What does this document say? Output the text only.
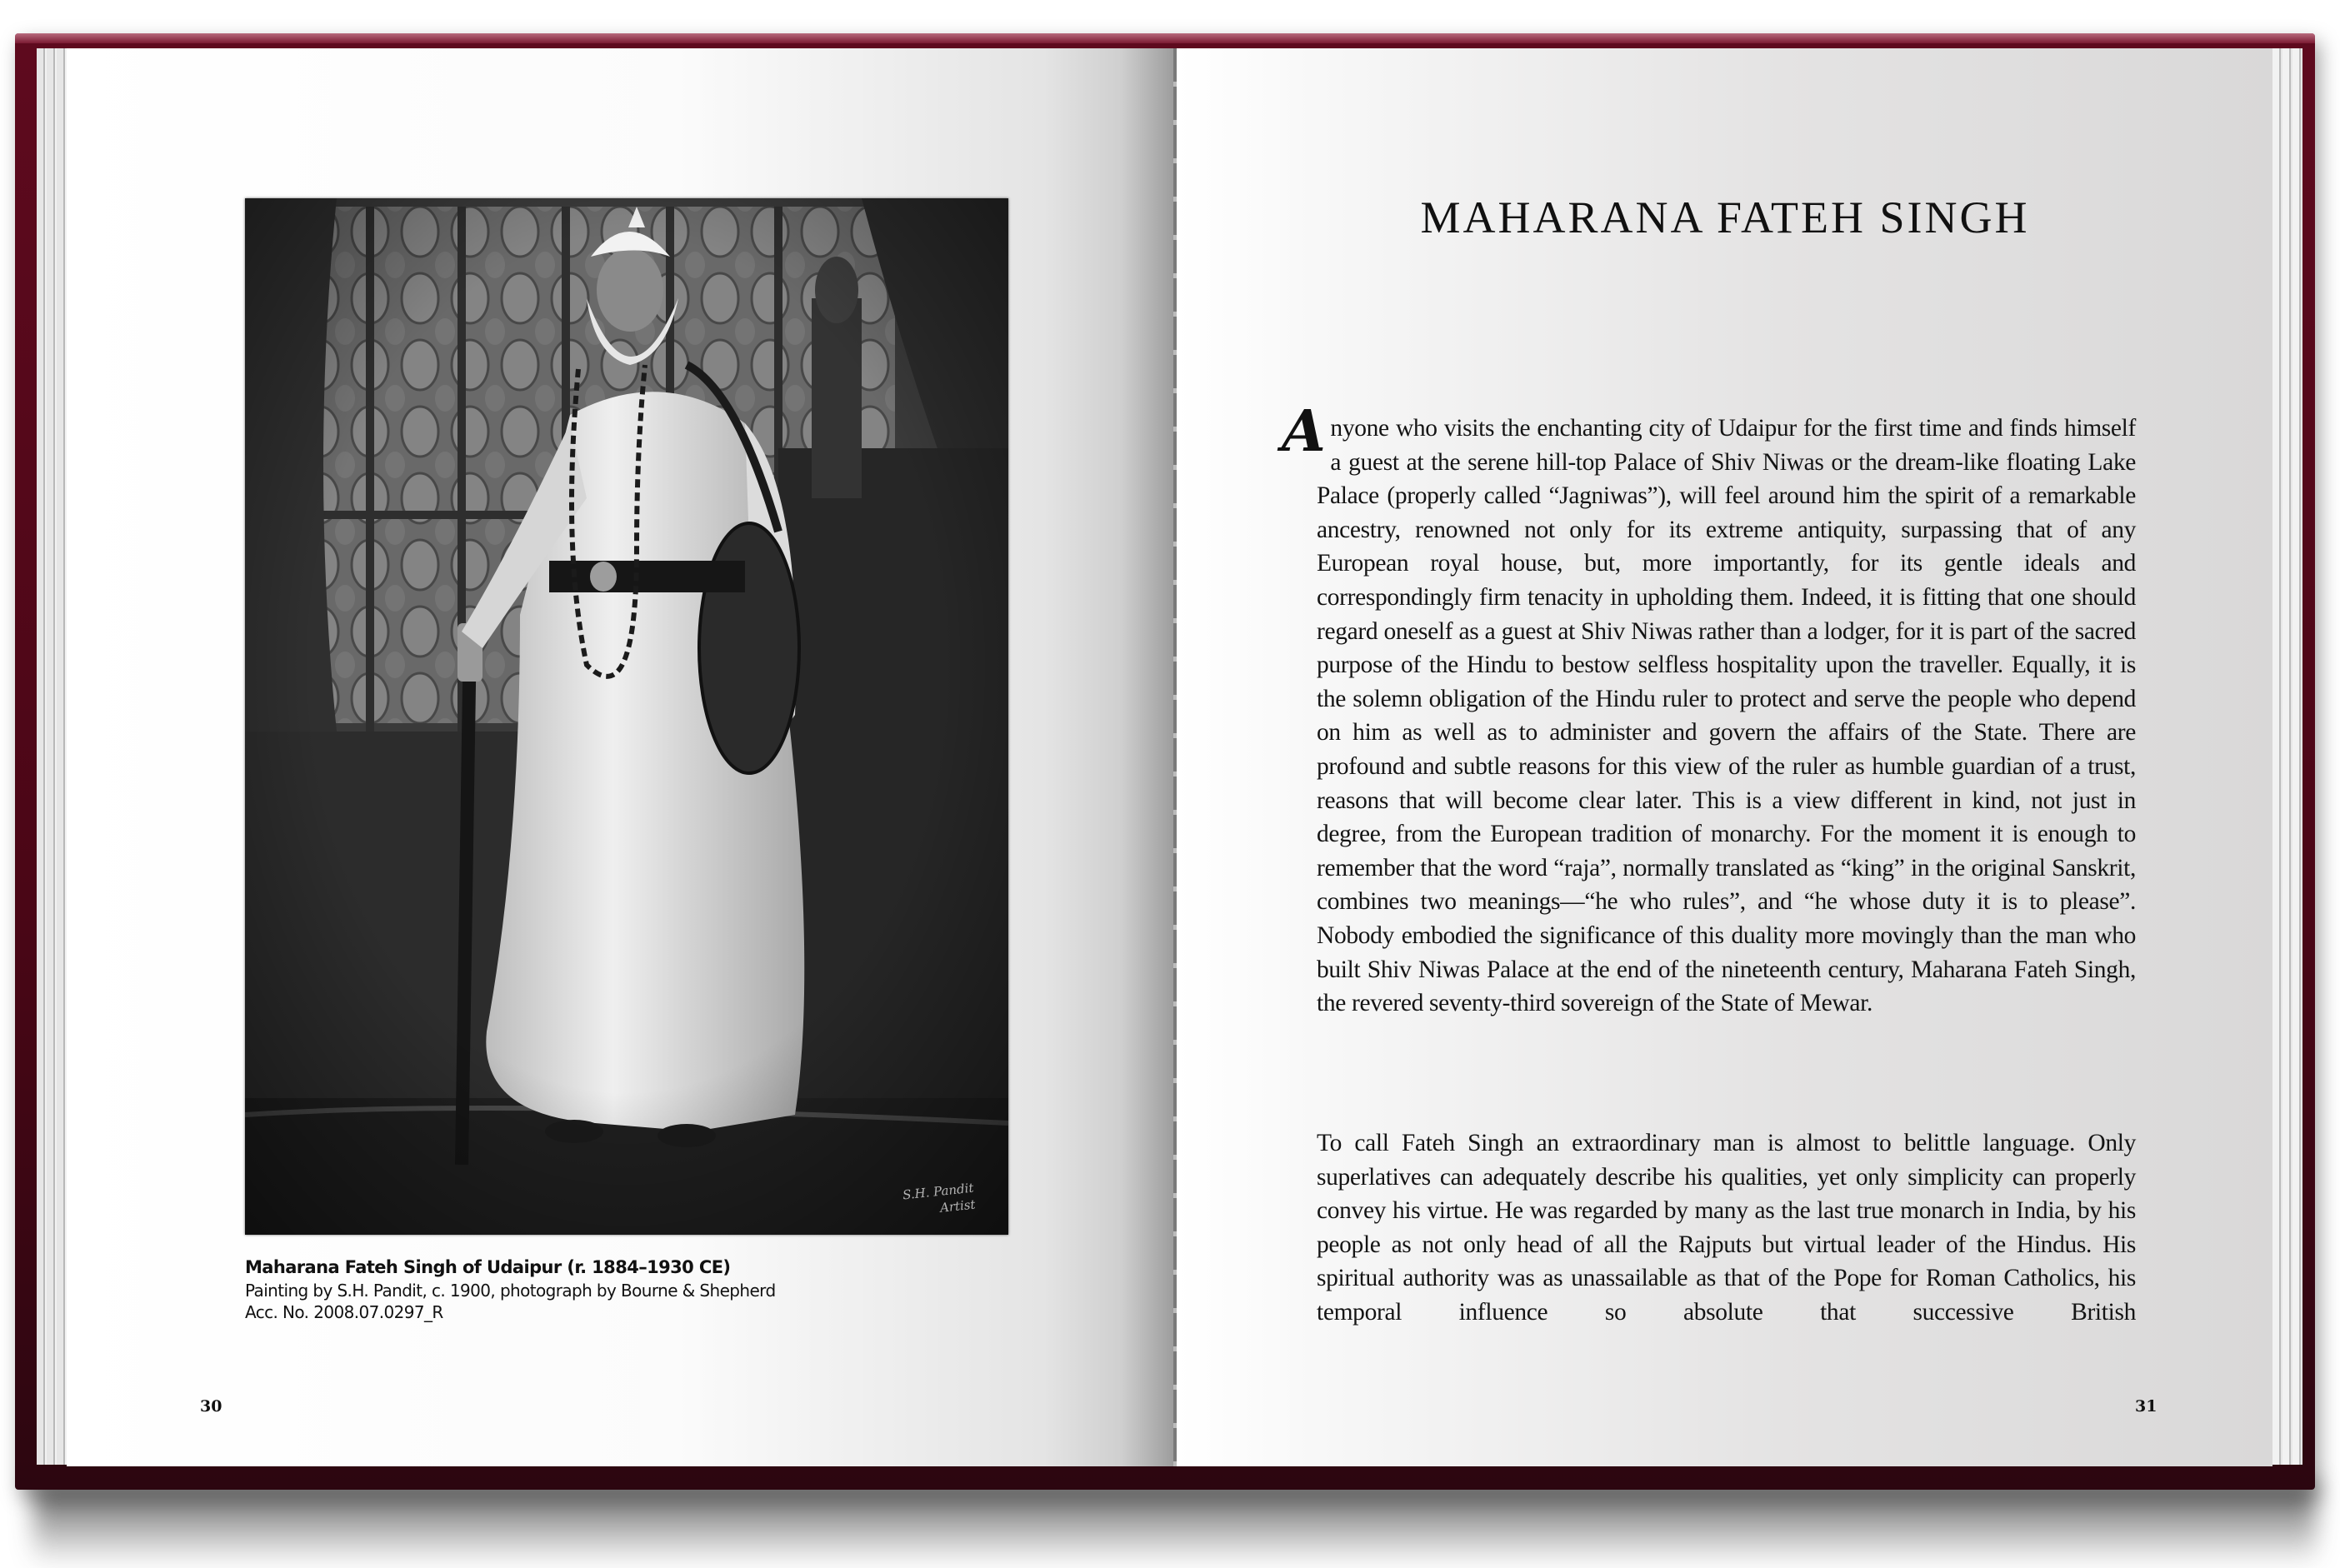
S.H. Pandit
Artist
Maharana Fateh Singh of Udaipur (r. 1884–1930 CE)
Painting by S.H. Pandit, c. 1900, photograph by Bourne & Shepherd
Acc. No. 2008.07.0297_R
30
MAHARANA FATEH SINGH

Anyone who visits the enchanting city of Udaipur for the first time and finds himself a guest at the serene hill-top Palace of Shiv Niwas or the dream-like floating Lake Palace (properly called “Jagniwas”), will feel around him the spirit of a remarkable ancestry, renowned not only for its extreme antiquity, surpassing that of any European royal house, but, more importantly, for its gentle ideals and correspondingly firm tenacity in upholding them. Indeed, it is fitting that one should regard oneself as a guest at Shiv Niwas rather than a lodger, for it is part of the sacred purpose of the Hindu to bestow selfless hospitality upon the traveller. Equally, it is the solemn obligation of the Hindu ruler to protect and serve the people who depend on him as well as to administer and govern the affairs of the State. There are profound and subtle reasons for this view of the ruler as humble guardian of a trust, reasons that will become clear later. This is a view different in kind, not just in degree, from the European tradition of monarchy. For the moment it is enough to remember that the word “raja”, normally translated as “king” in the original Sanskrit, combines two meanings—“he who rules”, and “he whose duty it is to please”. Nobody embodied the significance of this duality more movingly than the man who built Shiv Niwas Palace at the end of the nineteenth century, Maharana Fateh Singh, the revered seventy-third sovereign of the State of Mewar.

To call Fateh Singh an extraordinary man is almost to belittle language. Only superlatives can adequately describe his qualities, yet only simplicity can properly convey his virtue. He was regarded by many as the last true monarch in India, by his people as not only head of all the Rajputs but virtual leader of the Hindus. His spiritual authority was as unassailable as that of the Pope for Roman Catholics, his temporal influence so absolute that successive British

31
